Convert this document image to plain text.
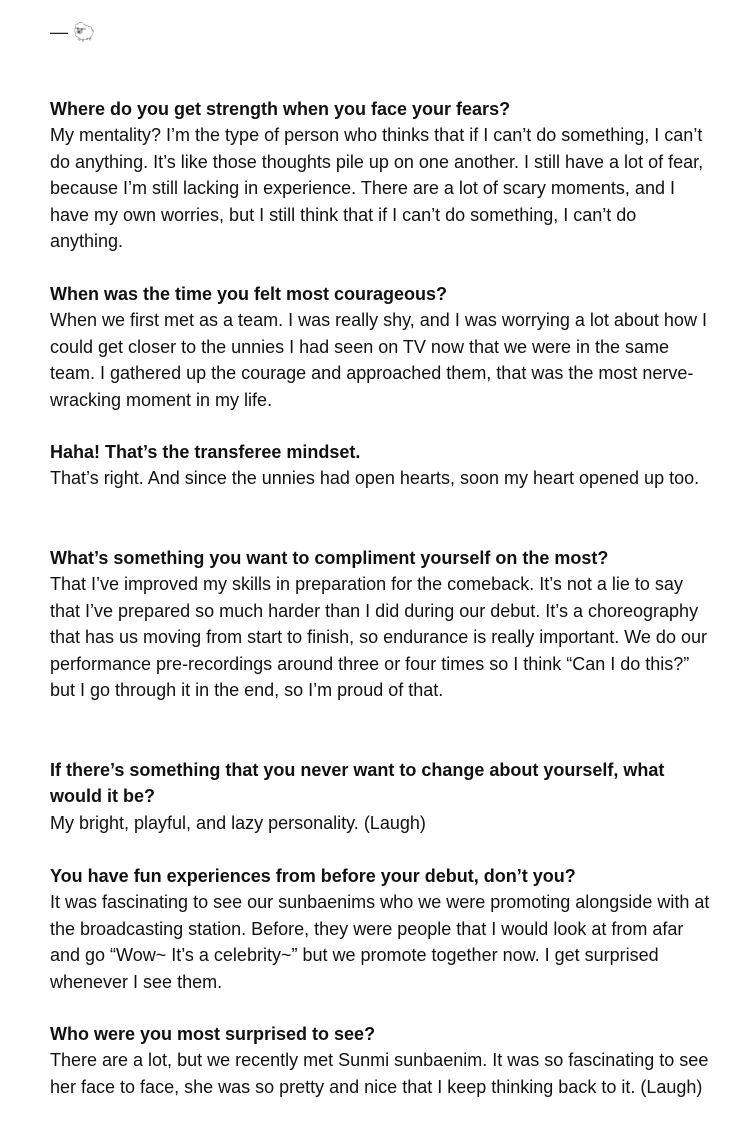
— 🐑

Where do you get strength when you face your fears?

My mentality? I’m the type of person who thinks that if I can’t do something, I can’t do anything. It’s like those thoughts pile up on one another. I still have a lot of fear, because I’m still lacking in experience. There are a lot of scary moments, and I have my own worries, but I still think that if I can’t do something, I can’t do anything.

When was the time you felt most courageous?

When we first met as a team. I was really shy, and I was worrying a lot about how I could get closer to the unnies I had seen on TV now that we were in the same team. I gathered up the courage and approached them, that was the most nerve-wracking moment in my life.

Haha! That’s the transferee mindset.

That’s right. And since the unnies had open hearts, soon my heart opened up too.

What’s something you want to compliment yourself on the most?

That I’ve improved my skills in preparation for the comeback. It’s not a lie to say that I’ve prepared so much harder than I did during our debut. It’s a choreography that has us moving from start to finish, so endurance is really important. We do our performance pre-recordings around three or four times so I think “Can I do this?” but I go through it in the end, so I’m proud of that.

If there’s something that you never want to change about yourself, what would it be?

My bright, playful, and lazy personality. (Laugh)

You have fun experiences from before your debut, don’t you?

It was fascinating to see our sunbaenims who we were promoting alongside with at the broadcasting station. Before, they were people that I would look at from afar and go “Wow~ It’s a celebrity~” but we promote together now. I get surprised whenever I see them.

Who were you most surprised to see?

There are a lot, but we recently met Sunmi sunbaenim. It was so fascinating to see her face to face, she was so pretty and nice that I keep thinking back to it. (Laugh)
